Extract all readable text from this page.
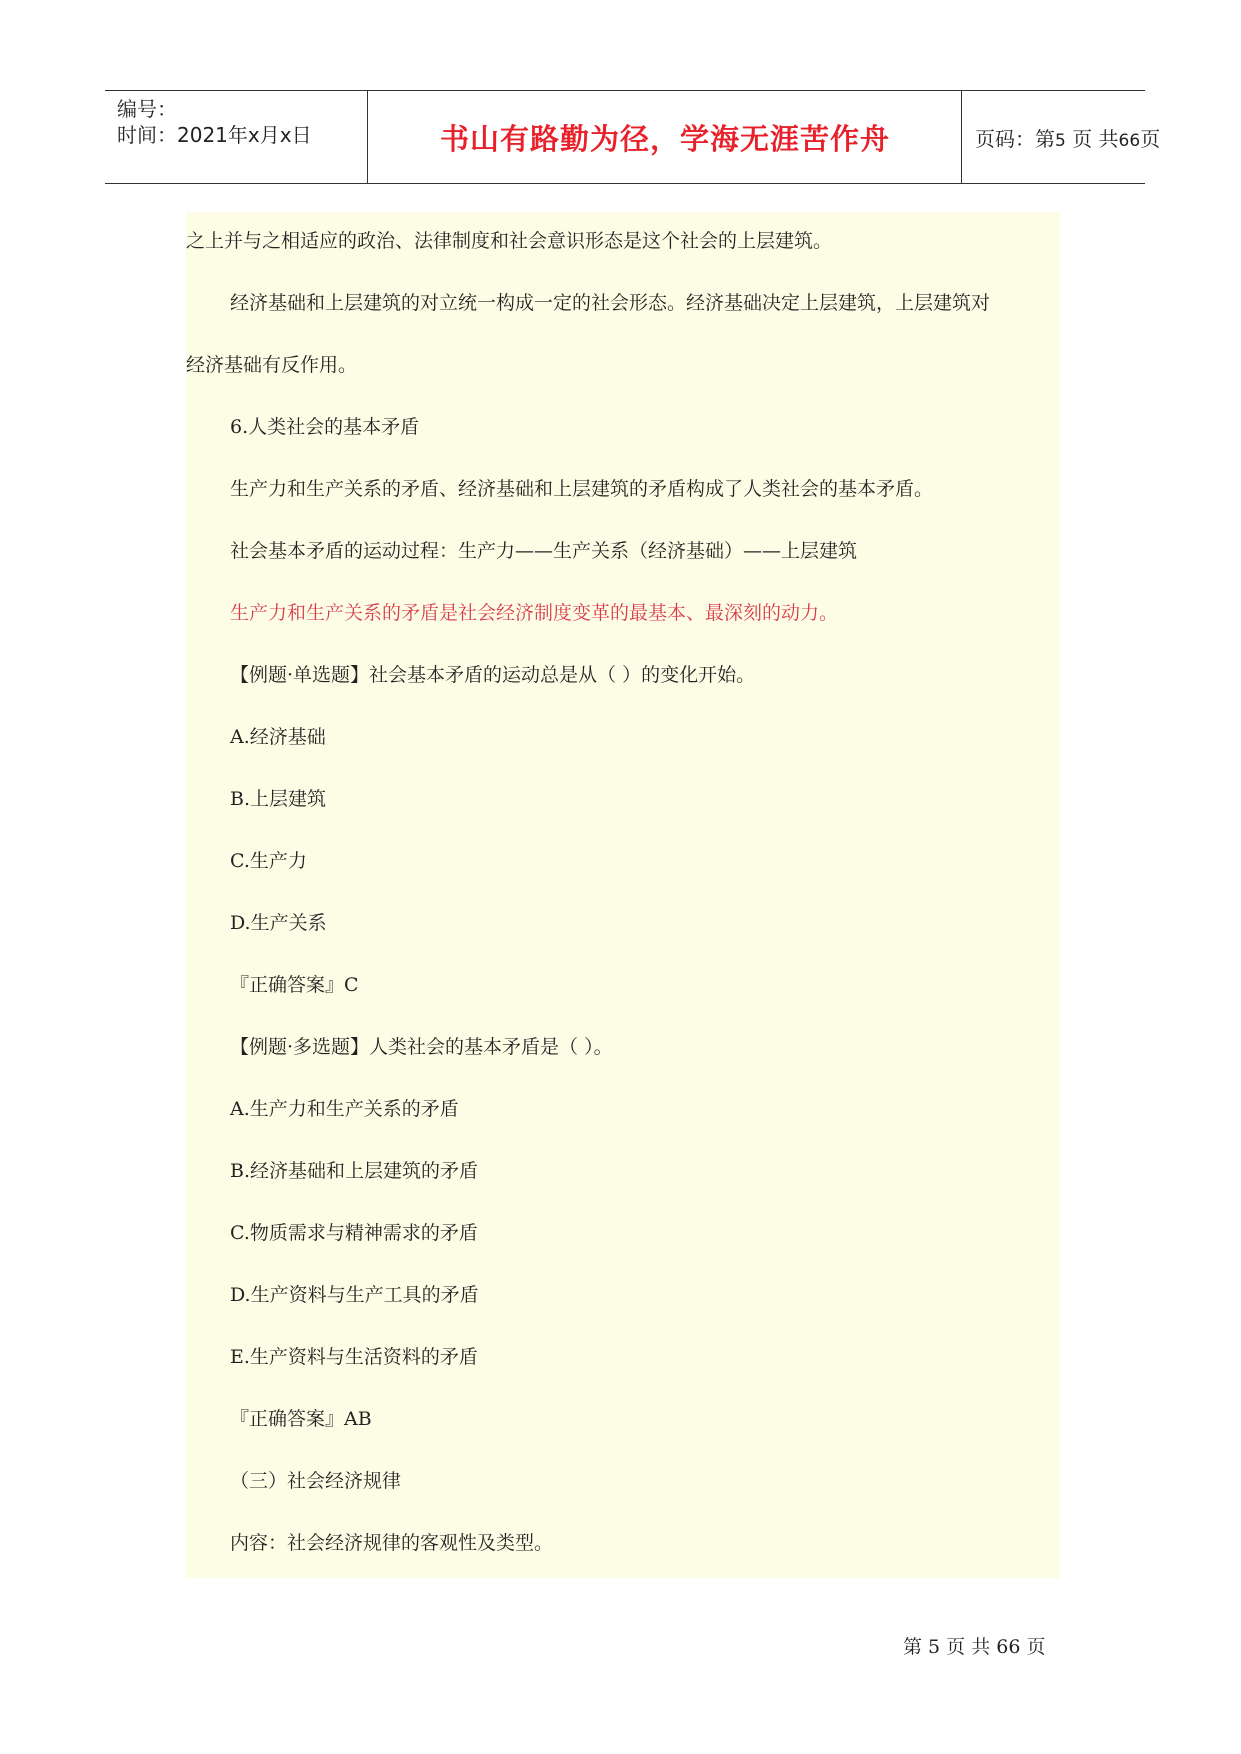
编号：
时间：2021年x月x日	书山有路勤为径，学海无涯苦作舟	页码：第5 页 共66页

之上并与之相适应的政治、法律制度和社会意识形态是这个社会的上层建筑。

经济基础和上层建筑的对立统一构成一定的社会形态。经济基础决定上层建筑，上层建筑对

经济基础有反作用。

6.人类社会的基本矛盾

生产力和生产关系的矛盾、经济基础和上层建筑的矛盾构成了人类社会的基本矛盾。

社会基本矛盾的运动过程：生产力——生产关系（经济基础）——上层建筑

生产力和生产关系的矛盾是社会经济制度变革的最基本、最深刻的动力。

【例题·单选题】社会基本矛盾的运动总是从（ ）的变化开始。

A.经济基础

B.上层建筑

C.生产力

D.生产关系

『正确答案』C

【例题·多选题】人类社会的基本矛盾是（ ）。

A.生产力和生产关系的矛盾

B.经济基础和上层建筑的矛盾

C.物质需求与精神需求的矛盾

D.生产资料与生产工具的矛盾

E.生产资料与生活资料的矛盾

『正确答案』AB

（三）社会经济规律

内容：社会经济规律的客观性及类型。

第 5 页 共 66 页
